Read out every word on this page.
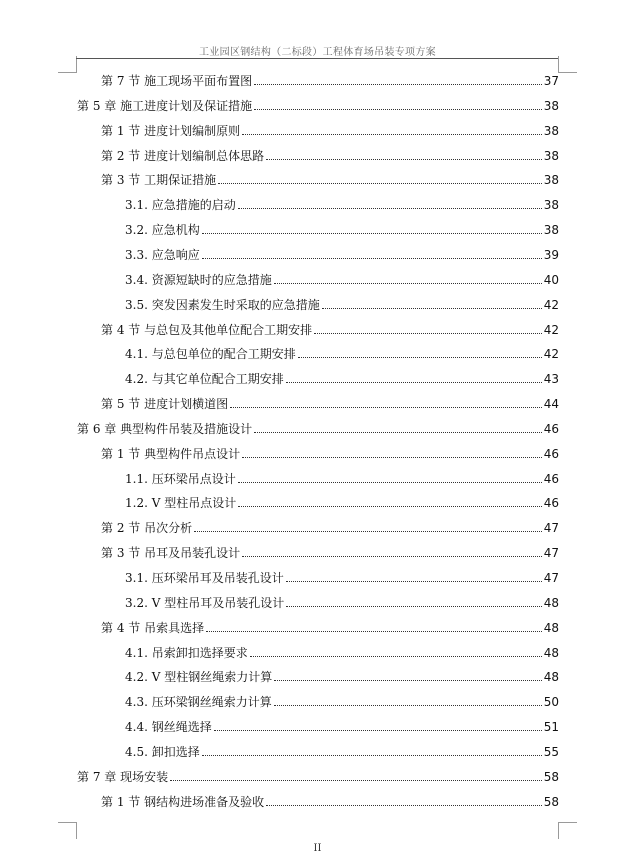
工业园区钢结构（二标段）工程体育场吊装专项方案
第 7 节 施工现场平面布置图	37
第 5 章 施工进度计划及保证措施	38
第 1 节 进度计划编制原则	38
第 2 节 进度计划编制总体思路	38
第 3 节 工期保证措施	38
3.1. 应急措施的启动	38
3.2. 应急机构	38
3.3. 应急响应	39
3.4. 资源短缺时的应急措施	40
3.5. 突发因素发生时采取的应急措施	42
第 4 节 与总包及其他单位配合工期安排	42
4.1. 与总包单位的配合工期安排	42
4.2. 与其它单位配合工期安排	43
第 5 节 进度计划横道图	44
第 6 章 典型构件吊装及措施设计	46
第 1 节 典型构件吊点设计	46
1.1. 压环梁吊点设计	46
1.2. V 型柱吊点设计	46
第 2 节 吊次分析	47
第 3 节 吊耳及吊装孔设计	47
3.1. 压环梁吊耳及吊装孔设计	47
3.2. V 型柱吊耳及吊装孔设计	48
第 4 节 吊索具选择	48
4.1. 吊索卸扣选择要求	48
4.2. V 型柱钢丝绳索力计算	48
4.3. 压环梁钢丝绳索力计算	50
4.4. 钢丝绳选择	51
4.5. 卸扣选择	55
第 7 章 现场安装	58
第 1 节 钢结构进场准备及验收	58
II
